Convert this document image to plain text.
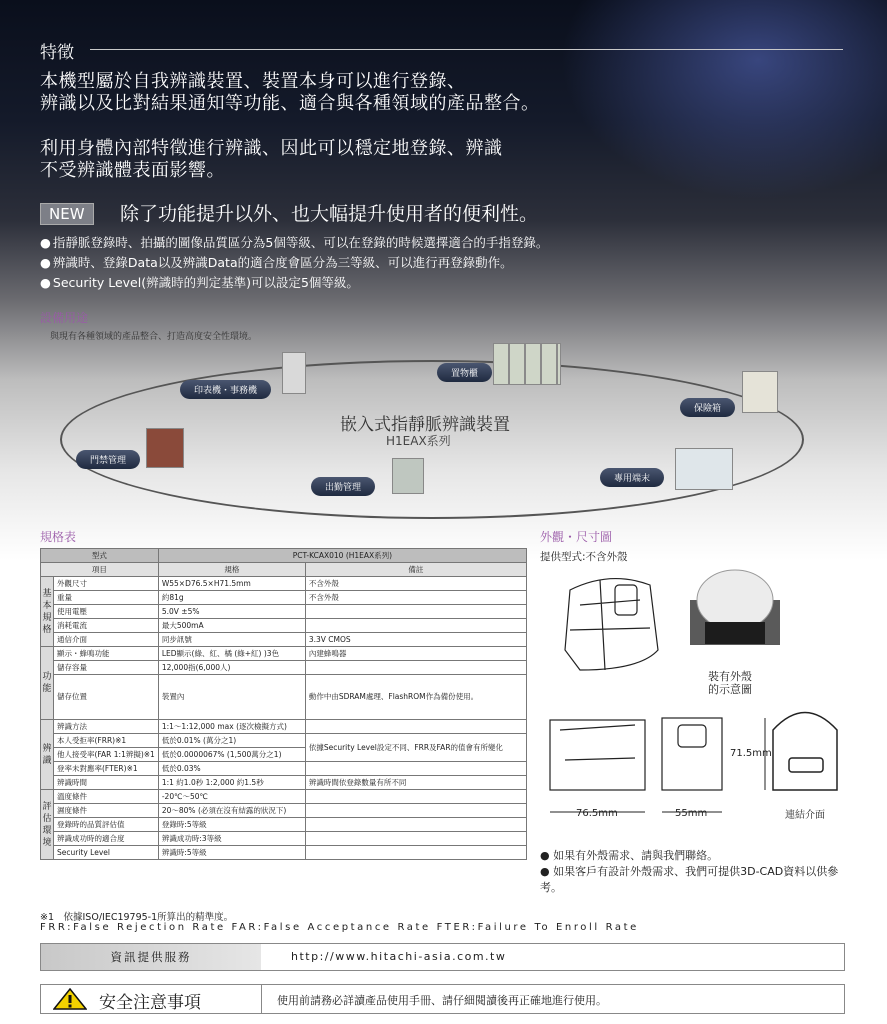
特徵
本機型屬於自我辨識裝置、裝置本身可以進行登錄、
辨識以及比對結果通知等功能、適合與各種領域的產品整合。
利用身體內部特徵進行辨識、因此可以穩定地登錄、辨識
不受辨識體表面影響。
NEW	除了功能提升以外、也大幅提升使用者的便利性。
● 指靜脈登錄時、拍攝的圖像品質區分為5個等級、可以在登錄的時候選擇適合的手指登錄。
● 辨識時、登錄Data以及辨識Data的適合度會區分為三等級、可以進行再登錄動作。
● Security Level(辨識時的判定基準)可以設定5個等級。
設備用途
與現有各種領域的產品整合、打造高度安全性環境。
嵌入式指靜脈辨識裝置
H1EAX系列
印表機・事務機
置物櫃
保險箱
門禁管理
出勤管理
專用端末
規格表
型式		PCT-KCAX010 (H1EAX系列)	
項目		規格	備註
基本規格	外觀尺寸	W55×D76.5×H71.5mm	不含外殼
	重量	約81g	不含外殼
	使用電壓	5.0V ±5%	
	消耗電流	最大500mA	
	通信介面	同步訊號	3.3V CMOS
功能	顯示・蜂鳴功能	LED顯示(綠、紅、橘 (綠+紅) )3色	內建蜂鳴器
	儲存容量	12,000指(6,000人)	
	儲存位置	裝置內	動作中由SDRAM處理、FlashROM作為備份使用。
辨識	辨識方法	1:1～1:12,000 max (逐次檢擬方式)	
	本人受拒率(FRR)※1	低於0.01% (萬分之1)	依據Security Level設定不同、FRR及FAR的值會有所變化
	他人接受率(FAR 1:1辨擬)※1	低於0.0000067% (1,500萬分之1)	
	登率未對應率(FTER)※1	低於0.03%	
	辨識時間	1:1 約1.0秒 1:2,000 約1.5秒	辨識時間依登錄數量有所不同
評估環境	溫度條件	-20℃～50℃	
	濕度條件	20～80% (必須在沒有結露的狀況下)	
	登錄時的品質評估值	登錄時:5等級	
	辨識成功時的適合度	辨識成功時:3等級	
	Security Level	辨識時:5等級	
※1　依據ISO/IEC19795-1所算出的精準度。
FRR:False Rejection Rate FAR:False Acceptance Rate FTER:Failure To Enroll Rate
外觀・尺寸圖
提供型式:不含外殼
裝有外殼
的示意圖
71.5mm
76.5mm	55mm	連結介面
● 如果有外殼需求、請與我們聯絡。
● 如果客戶有設計外殼需求、我們可提供3D-CAD資料以供參考。
資訊提供服務	http://www.hitachi-asia.com.tw
安全注意事項	使用前請務必詳讀產品使用手冊、請仔細閱讀後再正確地進行使用。
